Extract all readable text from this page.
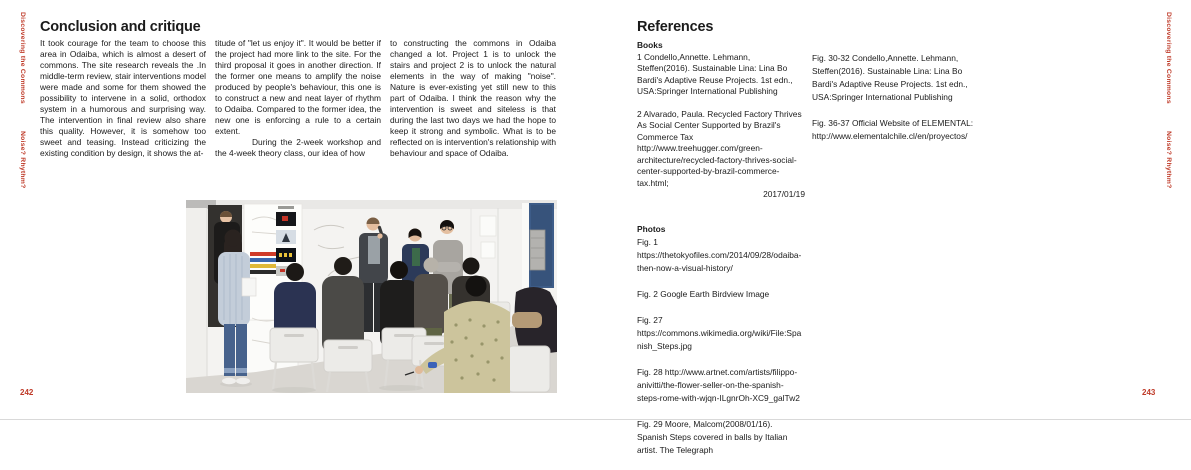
Discovering the Commons
Noise? Rhythm?
242
Conclusion and critique

It took courage for the team to choose this area in Odaiba, which is almost a desert of commons. The site research reveals the .In middle-term review, stair interventions model were made and some for them showed the possibility to intervene in a solid, orthodox system in a humorous and surprising way. The intervention in final review also share this quality. However, it is somehow too sweet and teasing. Instead criticizing the existing condition by design, it shows the at-

titude of "let us enjoy it". It would be better if the project had more link to the site. For the third proposal it goes in another direction. If the former one means to amplify the noise produced by people's behaviour, this one is to construct a new and neat layer of rhythm to Odaiba. Compared to the former idea, the new one is enforcing a rule to a certain extent.

During the 2-week workshop and the 4-week theory class, our idea of how

to constructing the commons in Odaiba changed a lot. Project 1 is to unlock the stairs and project 2 is to unlock the natural elements in the way of making "noise". Nature is ever-existing yet still new to this part of Odaiba. I think the reason why the intervention is sweet and siteless is that during the last two days we had the hope to keep it strong and symbolic. What is to be reflected on is intervention's relationship with behaviour and space of Odaiba.

Discovering the Commons
Noise? Rhythm?
243
References

Books

1 Condello,Annette. Lehmann, Steffen(2016). Sustainable Lina: Lina Bo Bardi's Adaptive Reuse Projects. 1st edn., USA:Springer International Publishing

2 Alvarado, Paula. Recycled Factory Thrives As Social Center Supported by Brazil's Commerce Tax http://www.treehugger.com/green-architecture/recycled-factory-thrives-social-center-supported-by-brazil-commerce-tax.html;

2017/01/19

Photos

Fig. 1 https://thetokyofiles.com/2014/09/28/odaiba-then-now-a-visual-history/

Fig. 2 Google Earth Birdview Image

Fig. 27 https://commons.wikimedia.org/wiki/File:Spanish_Steps.jpg

Fig. 28 http://www.artnet.com/artists/filippo-anivitti/the-flower-seller-on-the-spanish-steps-rome-with-wjqn-ILgnrOh-XC9_galTw2

Fig. 29 Moore, Malcom(2008/01/16). Spanish Steps covered in balls by Italian artist. The Telegraph

Fig. 30-32 Condello,Annette. Lehmann, Steffen(2016). Sustainable Lina: Lina Bo Bardi's Adaptive Reuse Projects. 1st edn., USA:Springer International Publishing

Fig. 36-37 Official Website of ELEMENTAL: http://www.elementalchile.cl/en/proyectos/
